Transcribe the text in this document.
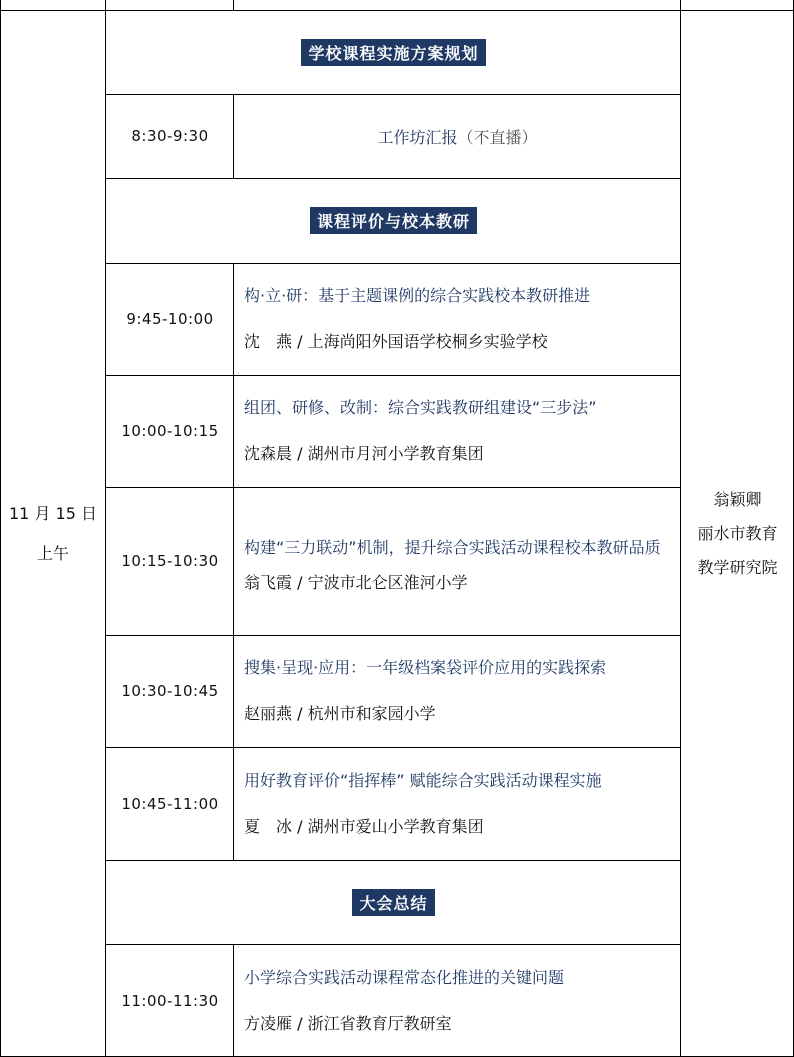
11 月 15 日
上午
翁颖卿
丽水市教育
教学研究院
学校课程实施方案规划
8:30-9:30	工作坊汇报 （不直播）
课程评价与校本教研
9:45-10:00
构·立·研：基于主题课例的综合实践校本教研推进
沈　燕 / 上海尚阳外国语学校桐乡实验学校
10:00-10:15
组团、研修、改制：综合实践教研组建设“三步法”
沈森晨 / 湖州市月河小学教育集团
10:15-10:30
构建“三力联动”机制，提升综合实践活动课程校本教研品质
翁飞霞 / 宁波市北仑区淮河小学
10:30-10:45
搜集·呈现·应用：一年级档案袋评价应用的实践探索
赵丽燕 / 杭州市和家园小学
10:45-11:00
用好教育评价“指挥棒” 赋能综合实践活动课程实施
夏　冰 / 湖州市爱山小学教育集团
大会总结
11:00-11:30
小学综合实践活动课程常态化推进的关键问题
方凌雁 / 浙江省教育厅教研室
